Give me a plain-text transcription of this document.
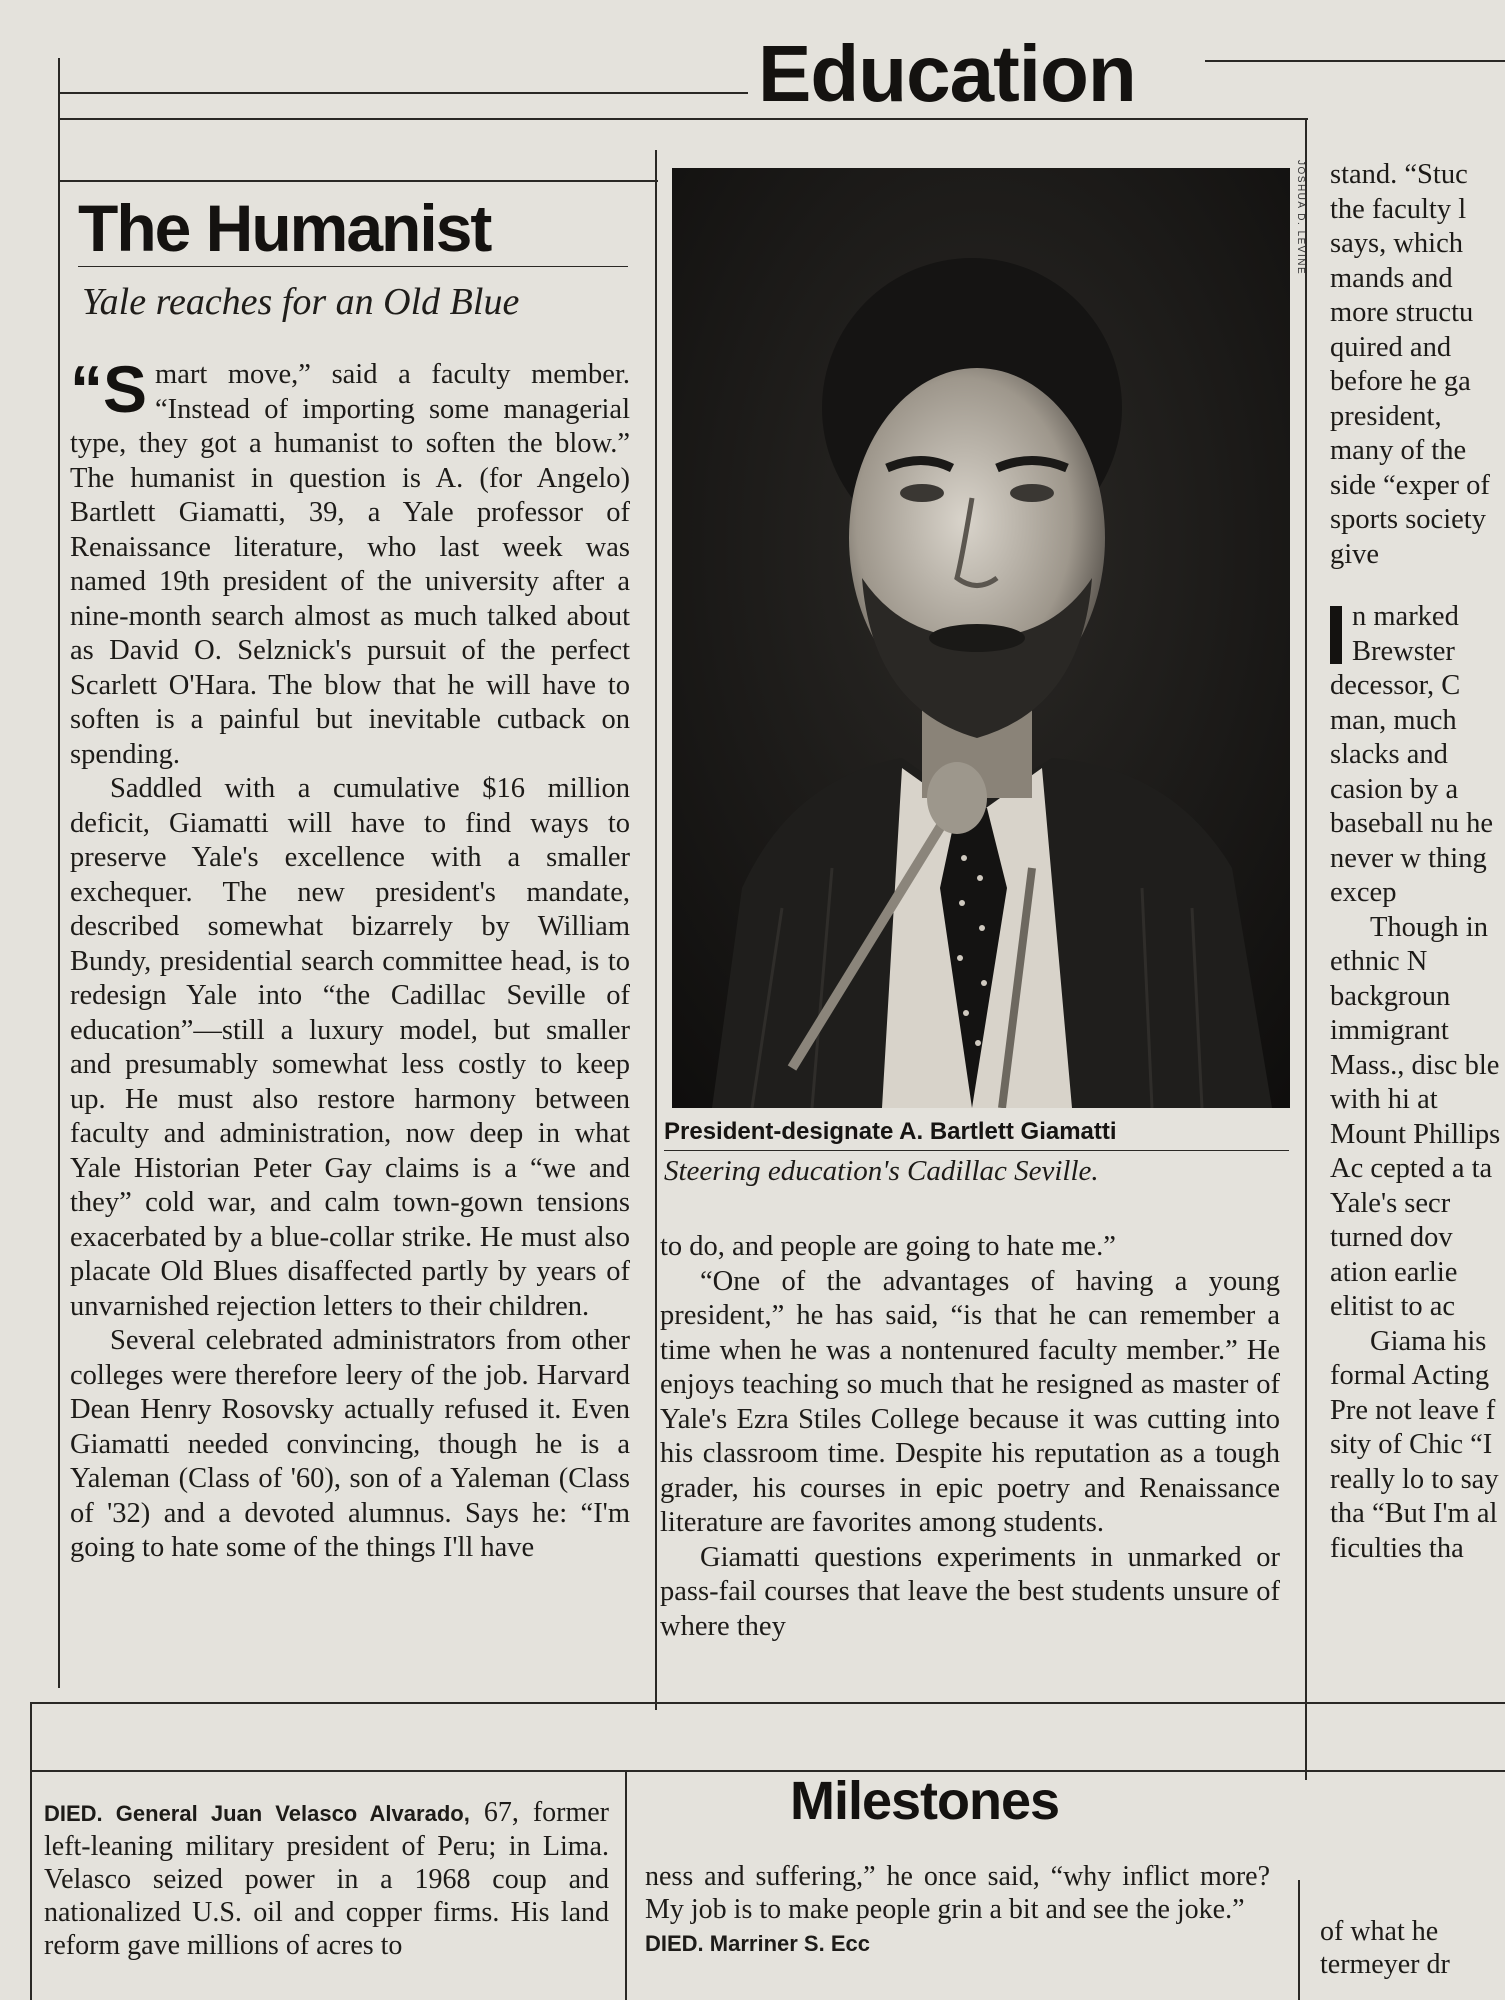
Education
The Humanist
Yale reaches for an Old Blue

“S mart move,” said a faculty member. “Instead of importing some managerial type, they got a humanist to soften the blow.” The humanist in question is A. (for Angelo) Bartlett Giamatti, 39, a Yale professor of Renaissance literature, who last week was named 19th president of the university after a nine-month search almost as much talked about as David O. Selznick's pursuit of the perfect Scarlett O'Hara. The blow that he will have to soften is a painful but inevitable cutback on spending.

Saddled with a cumulative $16 million deficit, Giamatti will have to find ways to preserve Yale's excellence with a smaller exchequer. The new president's mandate, described somewhat bizarrely by William Bundy, presidential search committee head, is to redesign Yale into “the Cadillac Seville of education”—still a luxury model, but smaller and presumably somewhat less costly to keep up. He must also restore harmony between faculty and administration, now deep in what Yale Historian Peter Gay claims is a “we and they” cold war, and calm town-gown tensions exacerbated by a blue-collar strike. He must also placate Old Blues disaffected partly by years of unvarnished rejection letters to their children.

Several celebrated administrators from other colleges were therefore leery of the job. Harvard Dean Henry Rosovsky actually refused it. Even Giamatti needed convincing, though he is a Yaleman (Class of '60), son of a Yaleman (Class of '32) and a devoted alumnus. Says he: “I'm going to hate some of the things I'll have

JOSHUA D. LEVINE
President-designate A. Bartlett Giamatti
Steering education's Cadillac Seville.

to do, and people are going to hate me.”

“One of the advantages of having a young president,” he has said, “is that he can remember a time when he was a nontenured faculty member.” He enjoys teaching so much that he resigned as master of Yale's Ezra Stiles College because it was cutting into his classroom time. Despite his reputation as a tough grader, his courses in epic poetry and Renaissance literature are favorites among students.

Giamatti questions experiments in unmarked or pass-fail courses that leave the best students unsure of where they

stand. “Stuc the faculty l says, which mands and more structu quired and before he ga president, many of the side “exper of sports society give

n marked Brewster decessor, C man, much slacks and casion by a baseball nu he never w thing excep

Though in ethnic N backgroun immigrant Mass., disc ble with hi at Mount Phillips Ac cepted a ta Yale's secr turned dov ation earlie elitist to ac

Giama his formal Acting Pre not leave f sity of Chic “I really lo to say tha “But I'm al ficulties tha

Milestones

DIED. General Juan Velasco Alvarado, 67, former left-leaning military president of Peru; in Lima. Velasco seized power in a 1968 coup and nationalized U.S. oil and copper firms. His land reform gave millions of acres to

ness and suffering,” he once said, “why inflict more? My job is to make people grin a bit and see the joke.”

DIED. Marriner S. Ecc	of what he termeyer dr
